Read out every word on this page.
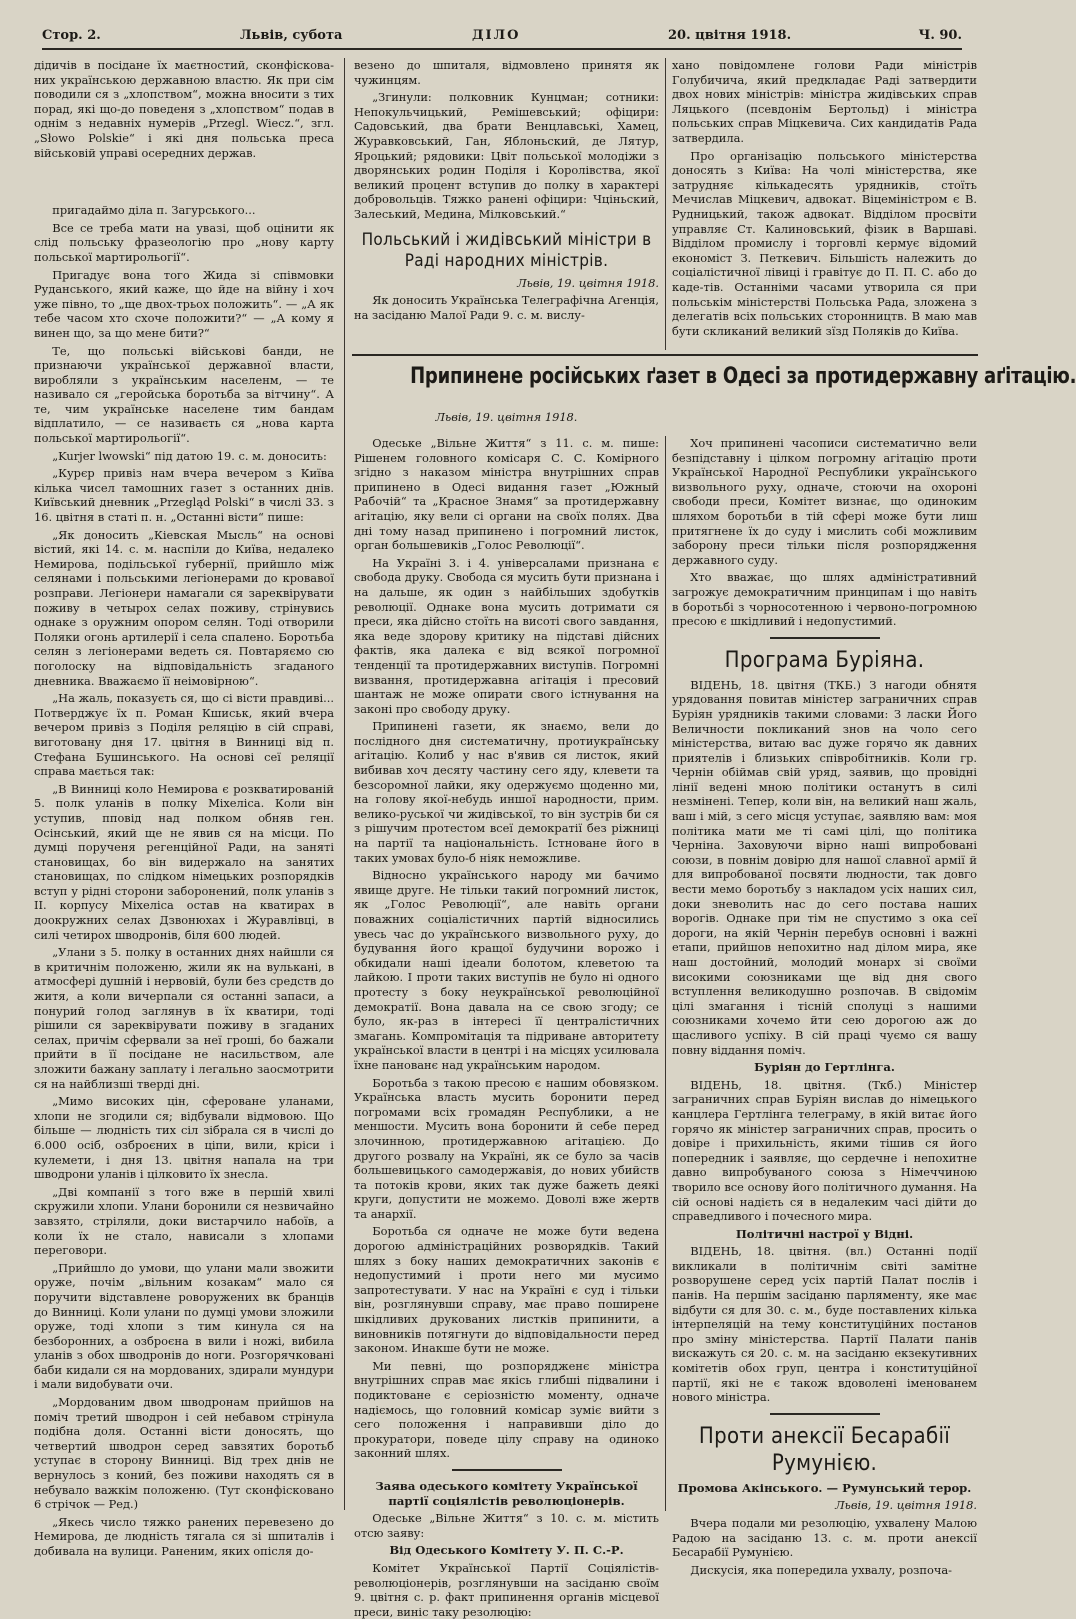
Стор. 2.	Львів, субота	ДІЛО	20. цвітня 1918.	Ч. 90.

дідичів в посідане їх маєтностий, сконфіскова-них українською державною властю. Як при сім поводили ся з „хлопством“, можна вносити з тих порад, які що-до поведеня з „хлопством“ подав в однім з недавніх нумерів „Przegl. Wiecz.“, згл. „Słowo Polskie“ і які дня польська преса військовій управі осередних держав.

пригадаймо діла п. Загурського...

Все се треба мати на увазі, щоб оцінити як слід польську фразеологію про „нову карту польської мартирольогії“.

Пригадує вона того Жида зі співмовки Руданського, який каже, що йде на війну і хоч уже півно, то „ще двох-трьох положить“. — „А як тебе часом хто схоче положити?“ — „А кому я винен що, за що мене бити?“

Те, що польські військові банди, не признаючи української державної власти, виробляли з українським населенм, — те називало ся „геройська боротьба за вітчину“. А те, чим українське населене тим бандам відплатило, — се називаєть ся „нова карта польської мартирольогії“.

„Kurjer lwowski“ під датою 19. с. м. доносить:

„Курєр привіз нам вчера вечером з Київа кілька чисел тамошних газет з останних днів. Київський дневник „Przegląd Polski“ в числі 33. з 16. цвітня в статі п. н. „Останні вісти“ пише:

„Як доносить „Кіевская Мысль“ на основі вістий, які 14. с. м. наспіли до Київа, недалеко Немирова, подільської губернії, прийшло між селянами і польськими легіонерами до кровавої розправи. Легіонери намагали ся зареквірувати поживу в четырох селах поживу, стрінувись однаке з оружним опором селян. Тоді отворили Поляки огонь артилерії і села спалено. Боротьба селян з легіонерами ведеть ся. Повтаряємо сю поголоску на відповідальність згаданого дневника. Вважаємо її неімовірною“.

„На жаль, показуєть ся, що сі вісти правдиві... Потверджує їх п. Роман Кшиськ, який вчера вечером привіз з Поділя реляцію в сій справі, виготовану дня 17. цвітня в Винниці від п. Стефана Бушинського. На основі сеї реляції справа мається так:

„В Винниці коло Немирова є розкватированій 5. полк уланів в полку Міхеліса. Коли він уступив, пповід над полком обняв ген. Осінський, який ще не явив ся на місци. По думці порученя регенційної Ради, на заняті становищах, бо він видержало на занятих становищах, по слідком німецьких розпорядків вступ у рідні сторони заборонений, полк уланів з ІІ. корпусу Міхеліса остав на кватирах в доокружних селах Дзвонюхах і Журавлівці, в силі четирох шводронів, біля 600 людей.

„Улани з 5. полку в останних днях найшли ся в критичнім положеню, жили як на вулькані, в атмосфері душній і нервовій, були без средств до житя, а коли вичерпали ся останні запаси, а понурий голод заглянув в їх кватири, тоді рішили ся зареквірувати поживу в згаданих селах, причім сфервали за неї гроші, бо бажали прийти в її посідане не насильством, але зложити бажану заплату і легально заосмотрити ся на найблизші тверді дні.

„Мимо високих цін, сфероване уланами, хлопи не згодили ся; відбували відмовою. Що більше — людність тих сіл зібрала ся в числі до 6.000 осіб, озброєних в ціпи, вили, кріси і кулемети, і дня 13. цвітня напала на три шводрони уланів і цілковито їх знесла.

„Дві компанії з того вже в першій хвилі скружили хлопи. Улани боронили ся незвичайно завзято, стріляли, доки вистарчило набоїв, а коли їх не стало, нависали з хлопами переговори.

„Прийшло до умови, що улани мали звожити оруже, почім „вільним козакам“ мало ся поручити відставлене роворужених вк бранців до Винниці. Коли улани по думці умови зложили оруже, тоді хлопи з тим кинула ся на безборонних, а озброєна в вили і ножі, вибила уланів з обох шводронів до ноги. Розгорячковані баби кидали ся на мордованих, здирали мундури і мали видобувати очи.

„Мордованим двом шводронам прийшов на поміч третий шводрон і сей небавом стрінула подібна доля. Останні вісти доносять, що четвертий шводрон серед завзятих боротьб уступає в сторону Винниці. Від трех днів не вернулось з коний, без поживи находять ся в небувало важкім положеню. (Тут сконфісковано 6 стрічок — Ред.)

„Якесь число тяжко ранених перевезено до Немирова, де людність тягала ся зі шпиталів і добивала на вулици. Раненим, яких опісля до-

везено до шпиталя, відмовлено принятя як чужинцям.

„Згинули: полковник Кунцман; сотники: Непокульчицький, Ремішевський; офіцири: Садовський, два брати Венцлавські, Хамец, Журавковський, Ган, Яблоньский, де Лятур, Яроцький; рядовики: Цвіт польської молодіжи з дворянських родин Поділя і Королівства, якої великий процент вступив до полку в характері добровольців. Тяжко ранені офіцири: Чціньский, Залеський, Медина, Мілковський.“

Польський і жидівський міністри в Раді народних міністрів.

Львів, 19. цвітня 1918.

Як доносить Українська Телеграфічна Агенція, на засіданю Малої Ради 9. с. м. вислу-

хано повідомлене голови Ради міністрів Голубичича, який предкладає Раді затвердити двох нових міністрів: міністра жидівських справ Ляцького (псевдонім Бертольд) і міністра польських справ Міцкевича. Сих кандидатів Рада затвердила.

Про організацію польського міністерства доносять з Київа: На чолі міністерства, яке затрудняє кількадесять урядників, стоїть Мечислав Міцкевич, адвокат. Віцеміністром є В. Рудницький, також адвокат. Відділом просвіти управляє Ст. Калиновський, фізик в Варшаві. Відділом промислу і торговлі кермує відомий економіст З. Петкевич. Більшість належить до соціалістичної лівиці і гравітує до П. П. С. або до каде-тів. Останніми часами утворила ся при польськім міністерстві Польська Рада, зложена з делегатів всіх польських сторонництв. В маю мав бути скликаний великий зїзд Поляків до Київа.

Припинене російських ґазет в Одесі за протидержавну аґітацію.
Львів, 19. цвітня 1918.

Одеське „Вільне Життя“ з 11. с. м. пише: Рішенем головного комісаря С. С. Комірного згідно з наказом міністра внутрішних справ припинено в Одесі видання газет „Южный Рабочій“ та „Красное Знамя“ за протидержавну агітацію, яку вели сі органи на своїх полях. Два дні тому назад припинено і погромний листок, орган большевиків „Голос Революції“.

На Україні 3. і 4. універсалами признана є свобода друку. Свобода ся мусить бути признана і на дальше, як один з найбільших здобутків революції. Однаке вона мусить дотримати ся преси, яка дійсно стоїть на висоті свого завдання, яка веде здорову критику на підставі дійсних фактів, яка далека є від всякої погромної тенденції та протидержавних виступів. Погромні визвання, протидержавна агітація і пресовий шантаж не може опирати свого істнування на законі про свободу друку.

Припинені газети, як знаємо, вели до послідного дня систематичну, протиукраїнську агітацію. Колиб у нас в'явив ся листок, який вибивав хоч десяту частину сего яду, клевети та безсоромної лайки, яку одержуємо щоденно ми, на голову якої-небудь иншої народности, прим. велико-руської чи жидівської, то він зустрів би ся з рішучим протестом всеї демократії без ріжниці на партії та національність. Істноване його в таких умовах було-б ніяк неможливе.

Відносно українського народу ми бачимо явище друге. Не тільки такий погромний листок, як „Голос Революції“, але навіть органи поважних соціалістичних партій відносились увесь час до українського визвольного руху, до будування його кращої будучини ворожо і обкидали наші ідеали болотом, клеветою та лайкою. І проти таких виступів не було ні одного протесту з боку неукраїнської революційної демократії. Вона давала на се свою згоду; се було, як-раз в інтересі її централістичних змагань. Компромітація та підриване авторитету української власти в центрі і на місцях усилювала їхне панованє над українським народом.

Боротьба з такою пресою є нашим обовязком. Українська власть мусить боронити перед погромами всіх громадян Республики, а не меншости. Мусить вона боронити й себе перед злочинною, протидержавною агітацією. До другого розвалу на Україні, як се було за часів большевицького самодержавія, до нових убийств та потоків крови, яких так дуже бажеть деякі круги, допустити не можемо. Доволі вже жертв та анархії.

Боротьба ся одначе не може бути ведена дорогою адміністраційних розворядків. Такий шлях з боку наших демократичних законів є недопустимий і проти него ми мусимо запротестувати. У нас на Україні є суд і тільки він, розглянувши справу, має право поширене шкідливих друкованих листків припинити, а виновників потягнути до відповідальности перед законом. Инакше бути не може.

Ми певні, що розпорядженє міністра внутрішних справ має якісь глибші підвалини і подиктоване є серіозністю моменту, одначе надіємось, що головний комісар зуміє вийти з сего положення і направивши діло до прокуратори, поведе цілу справу на одинокo законний шлях.

Заява одеського комітету Української партії соціялістів революціонерів.

Одеське „Вільне Життя“ з 10. с. м. містить отсю заяву:

Від Одеського Комітету У. П. С.-Р.

Комітет Української Партії Соціялістів-революціонерів, розглянувши на засіданю своїм 9. цвітня с. р. факт припинення органів місцевої преси, виніс таку резолюцію:

Хоч припинені часописи систематично вели безпідставну і цілком погромну агітацію проти Української Народної Республики українського визвольного руху, одначе, стоючи на охороні свободи преси, Комітет визнає, що одиноким шляхом боротьби в тій сфері може бути лиш притягнене їх до суду і мислить собі можливим заборону преси тільки після розпорядження державного суду.

Хто вважає, що шлях адміністративний загрожує демократичним принципам і що навіть в боротьбі з чорносотенною і червоно-погромною пресою є шкідливий і недопустимий.

Програма Буріяна.

ВІДЕНЬ, 18. цвітня (ТКБ.) З нагоди обнятя урядовання повитав міністер заграничних справ Буріян урядників такими словами: З ласки Його Величности покликаний знов на чоло сего міністерства, витаю вас дуже горячо як давних приятелів і близьких співробітників. Коли гр. Чернін обіймав свій уряд, заявив, що провідні лінії ведені мною політики останутъ в силі незмінені. Тепер, коли він, на великий наш жаль, ваш і мій, з сего місця уступає, заявляю вам: моя політика мати ме ті самі цілі, що політика Черніна. Заховуючи вірно наші випробовані союзи, в повнім довірю для нашої славної армії й для випробованої посвяти людности, так довго вести мемо боротьбу з накладом усіх наших сил, доки зневолить нас до сего постава наших ворогів. Однаке при тім не спустимо з ока сеї дороги, на якій Чернін перебув основні і важні етапи, прийшов непохитно над ділом мира, яке наш достойний, молодий монарх зі своїми високими союзниками ще від дня свого вступлення великодушно розпочав. В свідомім цілі змагання і тісній сполуці з нашими союзниками хочемо йти сею дорогою аж до щасливого успіху. В сій праці чуємо ся вашу повну віддання поміч.

Буріян до Гертлінга.

ВІДЕНЬ, 18. цвітня. (Ткб.) Міністер заграничних справ Буріян вислав до німецького канцлера Гертлінга телеграму, в якій витає його горячо як міністер заграничних справ, просить о довіре і прихильність, якими тішив ся його попередник і заявляє, що сердечне і непохитне давно випробуваного союза з Німеччиною творило все основу його політичного думання. На сій основі надієть ся в недалеким часі дійти до справедливого і почесного мира.

Політичні настрої у Відні.

ВІДЕНЬ, 18. цвітня. (вл.) Останні події викликали в політичнім світі замітне розворушене серед усіх партій Палат послів і панів. На першім засіданю парляменту, яке має відбути ся для 30. с. м., буде поставлених кілька інтерпеляцій на тему конституційних постанов про зміну міністерства. Партії Палати панів вискажуть ся 20. с. м. на засіданю екзекутивних комітетів обох груп, центра і конституційної партії, які не є також вдоволені іменованем нового міністра.

Проти анексії Бесарабії Румунією.

Промова Акінського. — Румунський терор.

Львів, 19. цвітня 1918.

Вчера подали ми резолюцію, ухвалену Малою Радою на засіданю 13. с. м. проти анексії Бесарабії Румунією.

Дискусія, яка попередила ухвалу, розпоча-
